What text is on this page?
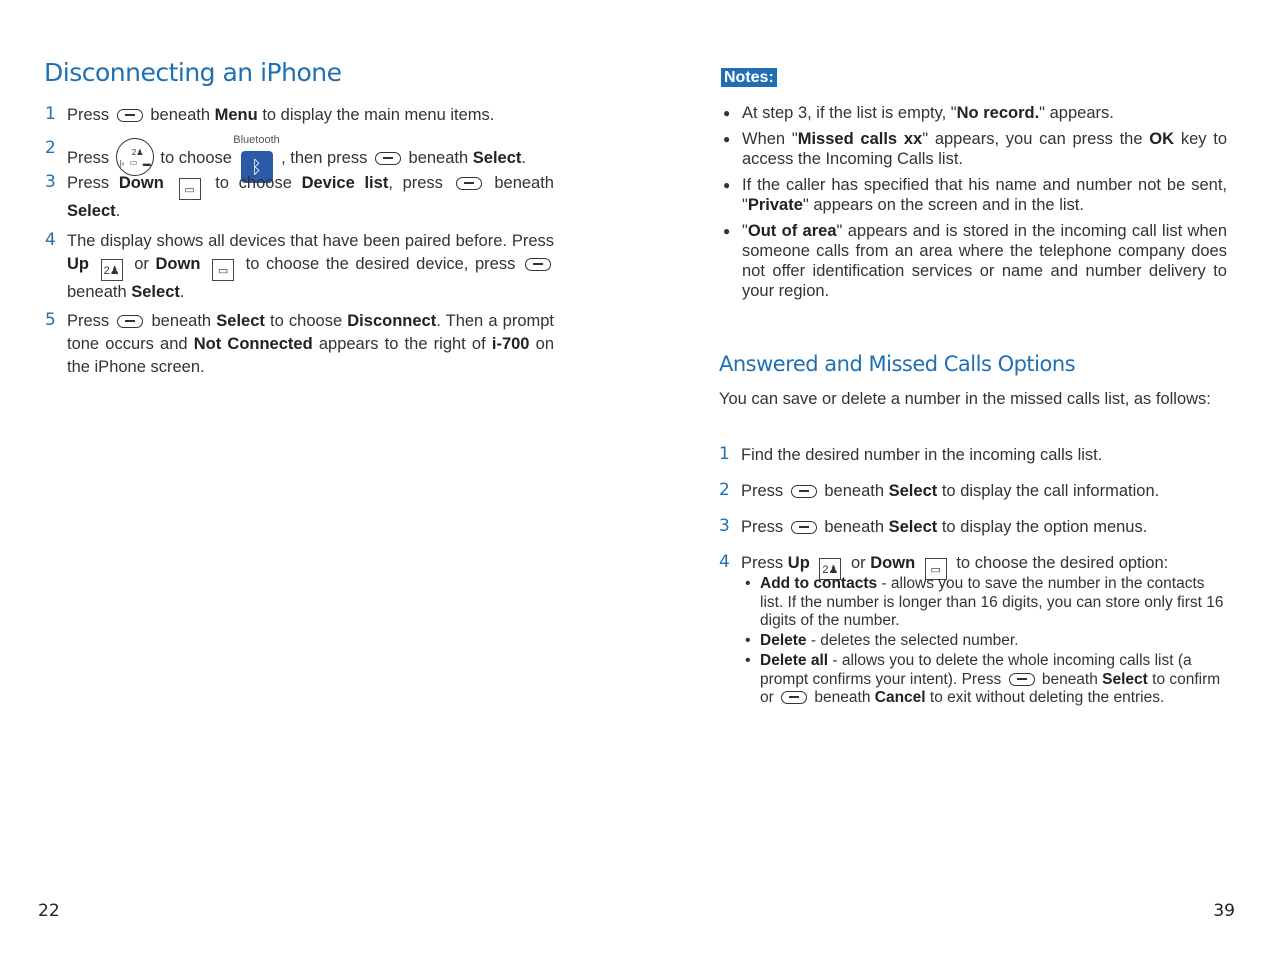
Disconnecting an iPhone
1 Press beneath Menu to display the main menu items.
2 Press	2♟
|‹ ▬
▭ to choose
Bluetooth
ᛒ , then press beneath Select.
3 Press Down ▭ to choose Device list, press	beneath Select.
4 The display shows all devices that have been paired before. Press Up 2♟ or Down ▭ to choose the desired device, press  beneath Select.
5 Press	beneath Select to choose Disconnect. Then a prompt tone occurs and Not Connected appears to the right of i-700 on the iPhone screen.
22
Notes:
● At step 3, if the list is empty, "No record." appears.
● When "Missed calls xx" appears, you can press the OK key to access the Incoming Calls list.
● If the caller has specified that his name and number not be sent, "Private" appears on the screen and in the list.
● "Out of area" appears and is stored in the incoming call list when someone calls from an area where the telephone company does not offer identification services or name and number delivery to your region.
Answered and Missed Calls Options
You can save or delete a number in the missed calls list, as follows:
1 Find the desired number in the incoming calls list.
2 Press beneath Select to display the call information.
3 Press beneath Select to display the option menus.
4 Press Up 2♟ or Down ▭ to choose the desired option:
• Add to contacts - allows you to save the number in the contacts list. If the number is longer than 16 digits, you can store only first 16 digits of the number.
• Delete - deletes the selected number.
• Delete all - allows you to delete the whole incoming calls list (a prompt confirms your intent). Press	beneath Select to confirm or	beneath Cancel to exit without deleting the entries.
39
